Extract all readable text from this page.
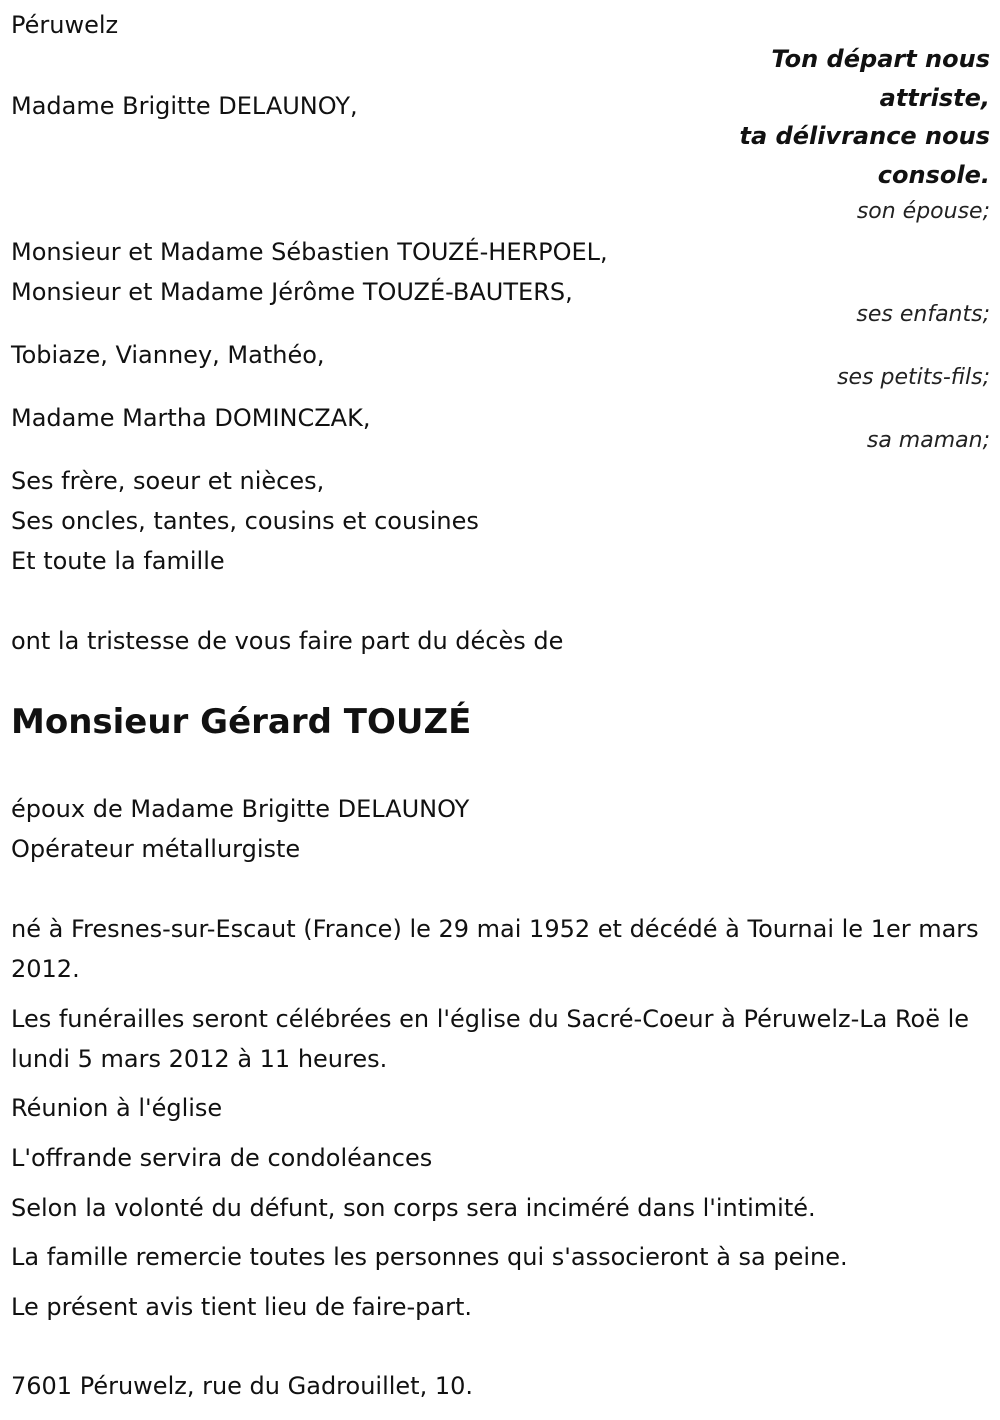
Péruwelz

Ton départ nous
attriste,
ta délivrance nous
console.

Madame Brigitte DELAUNOY,

son épouse;

Monsieur et Madame Sébastien TOUZÉ-HERPOEL,

Monsieur et Madame Jérôme TOUZÉ-BAUTERS,

ses enfants;

Tobiaze, Vianney, Mathéo,

ses petits-fils;

Madame Martha DOMINCZAK,

sa maman;

Ses frère, soeur et nièces,

Ses oncles, tantes, cousins et cousines

Et toute la famille

ont la tristesse de vous faire part du décès de

Monsieur Gérard TOUZÉ

époux de Madame Brigitte DELAUNOY

Opérateur métallurgiste

né à Fresnes-sur-Escaut (France) le 29 mai 1952 et décédé à Tournai le 1er mars 2012.

Les funérailles seront célébrées en l'église du Sacré-Coeur à Péruwelz-La Roë le lundi 5 mars 2012 à 11 heures.

Réunion à l'église

L'offrande servira de condoléances

Selon la volonté du défunt, son corps sera inciméré dans l'intimité.

La famille remercie toutes les personnes qui s'associeront à sa peine.

Le présent avis tient lieu de faire-part.

7601 Péruwelz, rue du Gadrouillet, 10.
